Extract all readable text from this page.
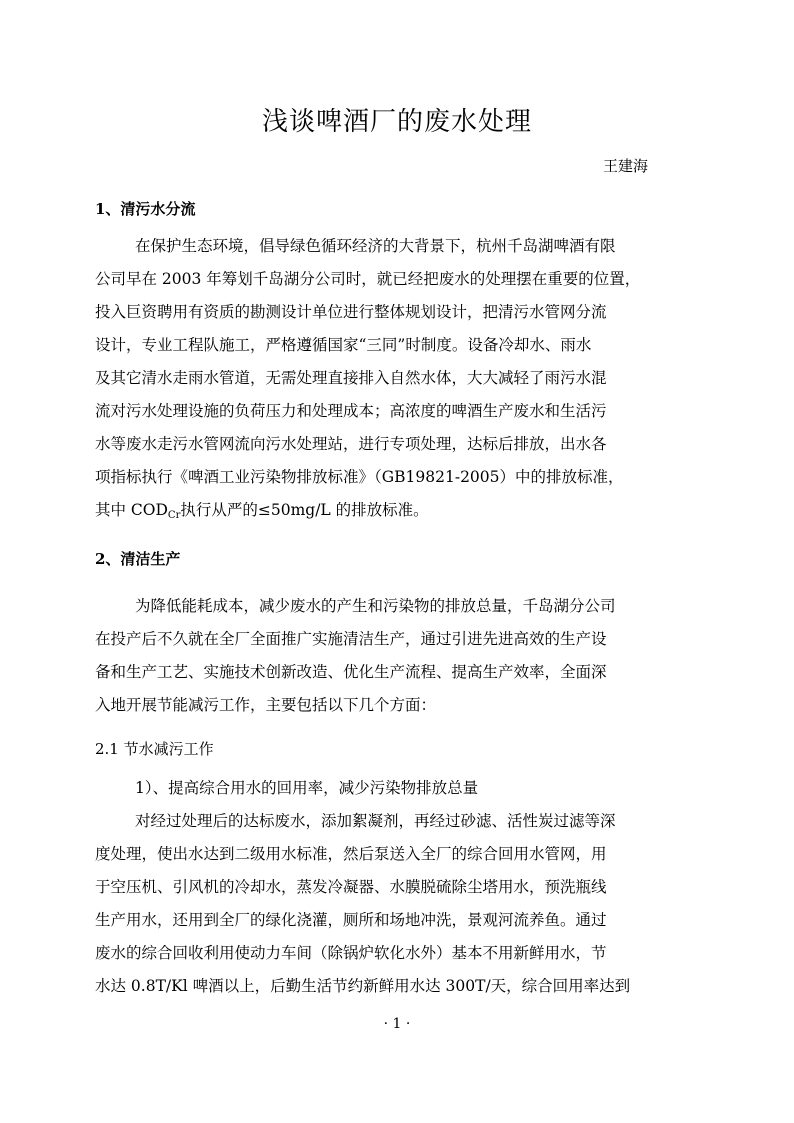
浅谈啤酒厂的废水处理
王建海
1、清污水分流
在保护生态环境，倡导绿色循环经济的大背景下，杭州千岛湖啤酒有限
公司早在 2003 年筹划千岛湖分公司时，就已经把废水的处理摆在重要的位置，
投入巨资聘用有资质的勘测设计单位进行整体规划设计，把清污水管网分流
设计，专业工程队施工，严格遵循国家“三同”时制度。设备冷却水、雨水
及其它清水走雨水管道，无需处理直接排入自然水体，大大减轻了雨污水混
流对污水处理设施的负荷压力和处理成本；高浓度的啤酒生产废水和生活污
水等废水走污水管网流向污水处理站，进行专项处理，达标后排放，出水各
项指标执行《啤酒工业污染物排放标准》（GB19821-2005）中的排放标准，
其中 $COD_{Cr}$执行从严的≤50mg/L 的排放标准。
2、清洁生产
为降低能耗成本，减少废水的产生和污染物的排放总量，千岛湖分公司
在投产后不久就在全厂全面推广实施清洁生产，通过引进先进高效的生产设
备和生产工艺、实施技术创新改造、优化生产流程、提高生产效率，全面深
入地开展节能减污工作，主要包括以下几个方面：
2.1 节水减污工作
1）、提高综合用水的回用率，减少污染物排放总量
对经过处理后的达标废水，添加絮凝剂，再经过砂滤、活性炭过滤等深
度处理，使出水达到二级用水标准，然后泵送入全厂的综合回用水管网，用
于空压机、引风机的冷却水，蒸发冷凝器、水膜脱硫除尘塔用水，预洗瓶线
生产用水，还用到全厂的绿化浇灌，厕所和场地冲洗，景观河流养鱼。通过
废水的综合回收利用使动力车间（除锅炉软化水外）基本不用新鲜用水，节
水达 0.8T/Kl 啤酒以上，后勤生活节约新鲜用水达 300T/天，综合回用率达到
· 1 ·
